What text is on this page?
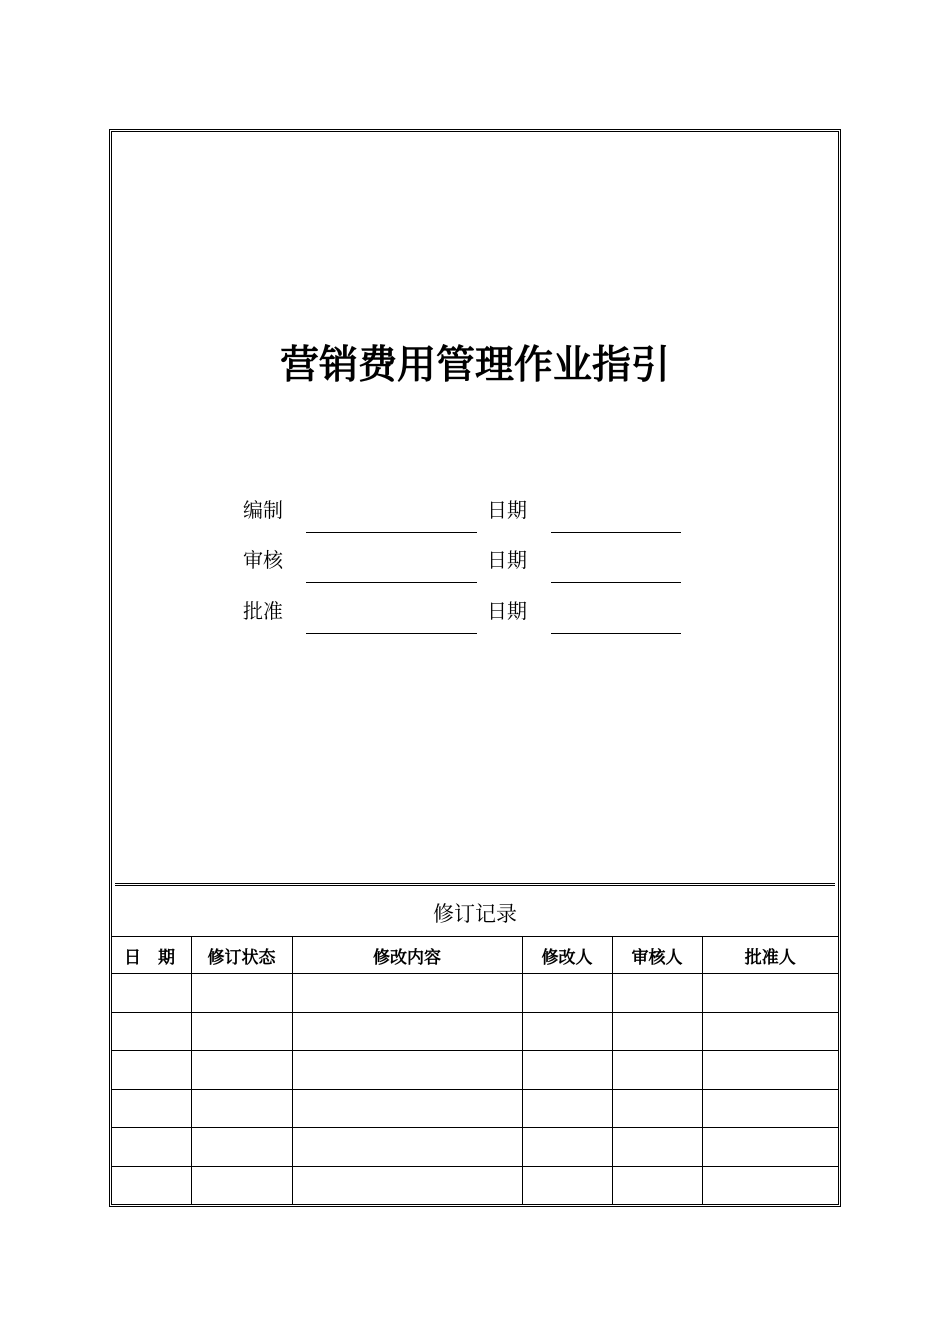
营销费用管理作业指引
编制	日期
审核	日期
批准	日期
修订记录
日　期	修订状态	修改内容	修改人	审核人	批准人
